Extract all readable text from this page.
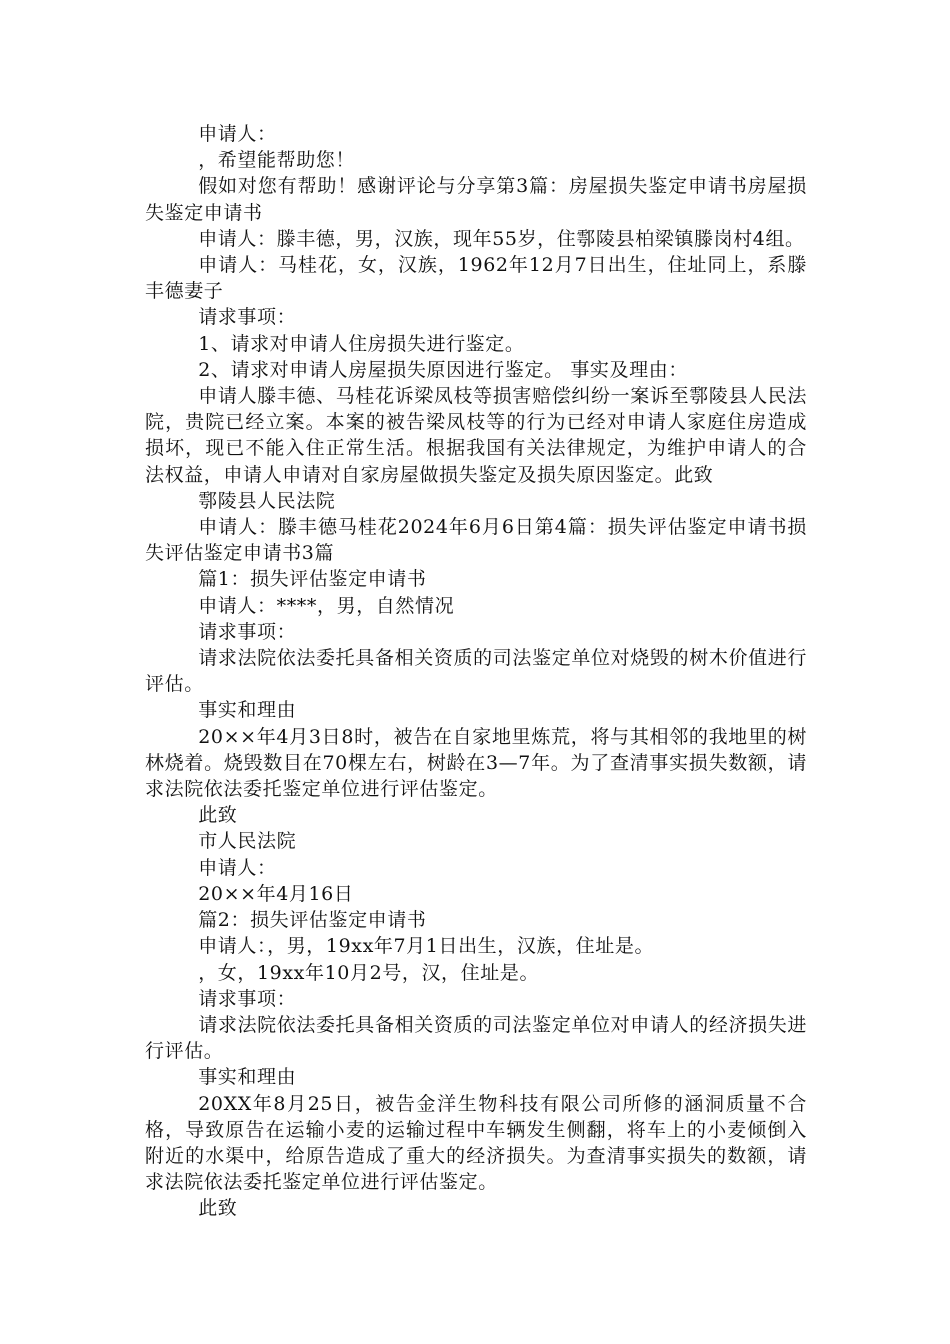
申请人：

，希望能帮助您！

假如对您有帮助！感谢评论与分享第3篇：房屋损失鉴定申请书房屋损失鉴定申请书

申请人：滕丰德，男，汉族，现年55岁，住鄠陵县柏梁镇滕岗村4组。

申请人：马桂花，女，汉族，1962年12月7日出生，住址同上，系滕丰德妻子

请求事项：

1、请求对申请人住房损失进行鉴定。

2、请求对申请人房屋损失原因进行鉴定。 事实及理由：

申请人滕丰德、马桂花诉梁凤枝等损害赔偿纠纷一案诉至鄠陵县人民法院，贵院已经立案。本案的被告梁凤枝等的行为已经对申请人家庭住房造成损坏，现已不能入住正常生活。根据我国有关法律规定，为维护申请人的合法权益，申请人申请对自家房屋做损失鉴定及损失原因鉴定。此致

鄠陵县人民法院

申请人：滕丰德马桂花2024年6月6日第4篇：损失评估鉴定申请书损失评估鉴定申请书3篇

篇1：损失评估鉴定申请书

申请人：****，男，自然情况

请求事项：

请求法院依法委托具备相关资质的司法鉴定单位对烧毁的树木价值进行评估。

事实和理由

20××年4月3日8时，被告在自家地里炼荒，将与其相邻的我地里的树林烧着。烧毁数目在70棵左右，树龄在3—7年。为了查清事实损失数额，请求法院依法委托鉴定单位进行评估鉴定。

此致

市人民法院

申请人：

20××年4月16日

篇2：损失评估鉴定申请书

申请人：，男，19xx年7月1日出生，汉族，住址是。

，女，19xx年10月2号，汉，住址是。

请求事项：

请求法院依法委托具备相关资质的司法鉴定单位对申请人的经济损失进行评估。

事实和理由

20XX年8月25日，被告金洋生物科技有限公司所修的涵洞质量不合格，导致原告在运输小麦的运输过程中车辆发生侧翻，将车上的小麦倾倒入附近的水渠中，给原告造成了重大的经济损失。为查清事实损失的数额，请求法院依法委托鉴定单位进行评估鉴定。

此致
